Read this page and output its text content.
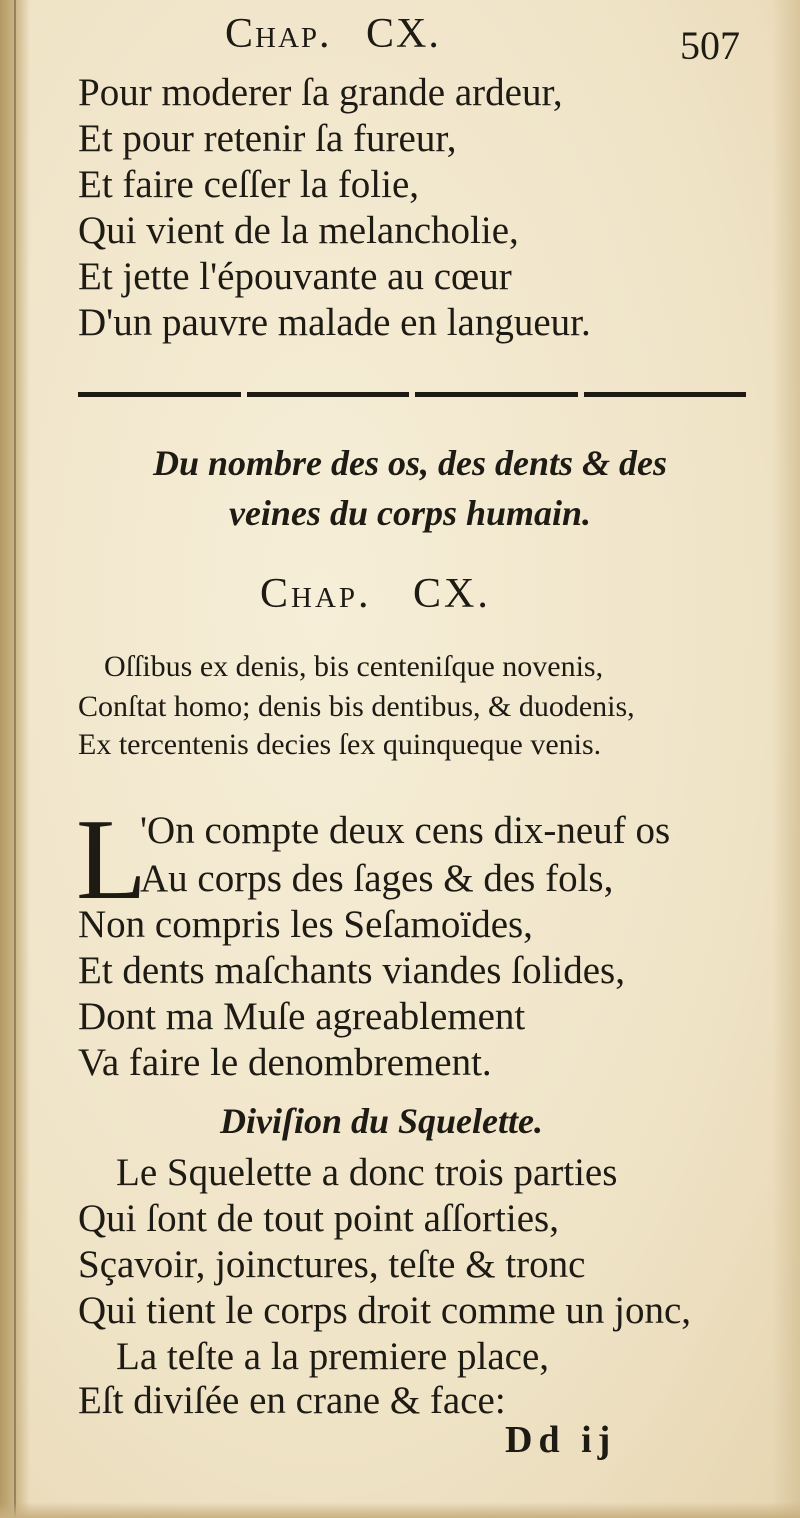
Chap. CX.	507
Pour moderer ſa grande ardeur,
Et pour retenir ſa fureur,
Et faire ceſſer la folie,
Qui vient de la melancholie,
Et jette l'épouvante au cœur
D'un pauvre malade en langueur.
Du nombre des os, des dents & des
veines du corps humain.
Chap. CX.
Oſſibus ex denis, bis centeniſque novenis,
Conſtat homo; denis bis dentibus, & duodenis,
Ex tercentenis decies ſex quinqueque venis.
L
'On compte deux cens dix-neuf os
Au corps des ſages & des fols,
Non compris les Seſamoïdes,
Et dents maſchants viandes ſolides,
Dont ma Muſe agreablement
Va faire le denombrement.
Diviſion du Squelette.
Le Squelette a donc trois parties
Qui ſont de tout point aſſorties,
Sçavoir, joinctures, teſte & tronc
Qui tient le corps droit comme un jonc,
La teſte a la premiere place,
Eſt diviſée en crane & face:
Dd ij
